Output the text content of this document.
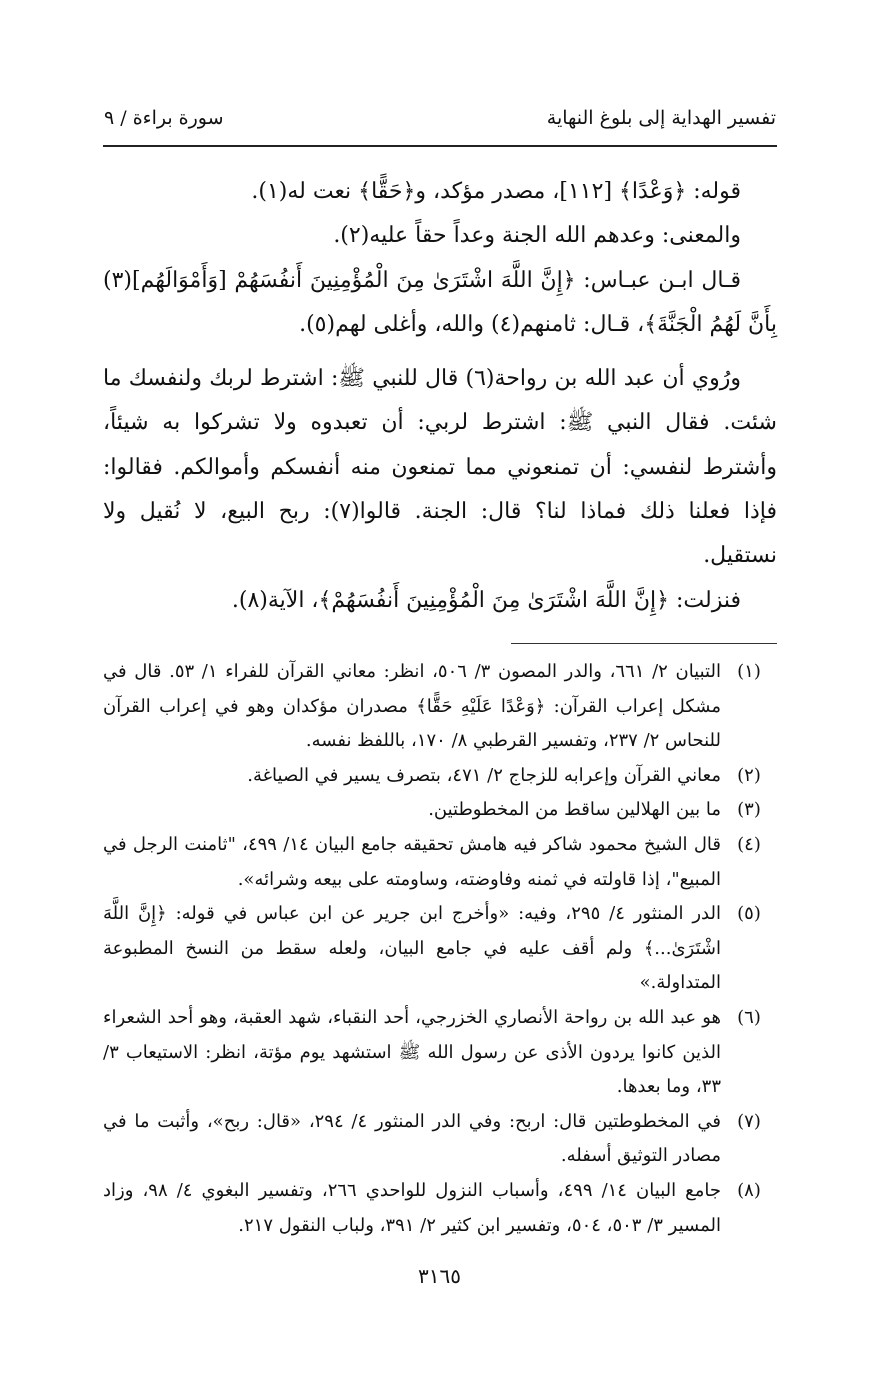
سورة براءة / ٩	تفسير الهداية إلى بلوغ النهاية

قوله: ﴿وَعْدًا﴾ [١١٢]، مصدر مؤكد، و﴿حَقًّا﴾ نعت له(١).

والمعنى: وعدهم الله الجنة وعداً حقاً عليه(٢).

قـال ابـن عبـاس: ﴿إِنَّ اللَّهَ اشْتَرَىٰ مِنَ الْمُؤْمِنِينَ أَنفُسَهُمْ [وَأَمْوَالَهُم](٣) بِأَنَّ لَهُمُ الْجَنَّةَ﴾، قـال: ثامنهم(٤) والله، وأغلى لهم(٥).

ورُوي أن عبد الله بن رواحة(٦) قال للنبي ﷺ: اشترط لربك ولنفسك ما شئت. فقال النبي ﷺ: اشترط لربي: أن تعبدوه ولا تشركوا به شيئاً، وأشترط لنفسي: أن تمنعوني مما تمنعون منه أنفسكم وأموالكم. فقالوا: فإذا فعلنا ذلك فماذا لنا؟ قال: الجنة. قالوا(٧): ربح البيع، لا نُقيل ولا نستقيل.

فنزلت: ﴿إِنَّ اللَّهَ اشْتَرَىٰ مِنَ الْمُؤْمِنِينَ أَنفُسَهُمْ﴾، الآية(٨).

(١)
التبيان ٢/ ٦٦١، والدر المصون ٣/ ٥٠٦، انظر: معاني القرآن للفراء ١/ ٥٣. قال في مشكل إعراب القرآن: ﴿وَعْدًا عَلَيْهِ حَقًّا﴾ مصدران مؤكدان وهو في إعراب القرآن للنحاس ٢/ ٢٣٧، وتفسير القرطبي ٨/ ١٧٠، باللفظ نفسه.
(٢)
معاني القرآن وإعرابه للزجاج ٢/ ٤٧١، بتصرف يسير في الصياغة.
(٣)
ما بين الهلالين ساقط من المخطوطتين.
(٤)
قال الشيخ محمود شاكر فيه هامش تحقيقه جامع البيان ١٤/ ٤٩٩، "ثامنت الرجل في المبيع"، إذا قاولته في ثمنه وفاوضته، وساومته على بيعه وشرائه».
(٥)
الدر المنثور ٤/ ٢٩٥، وفيه: «وأخرج ابن جرير عن ابن عباس في قوله: ﴿إِنَّ اللَّهَ اشْتَرَىٰ...﴾ ولم أقف عليه في جامع البيان، ولعله سقط من النسخ المطبوعة المتداولة.»
(٦)
هو عبد الله بن رواحة الأنصاري الخزرجي، أحد النقباء، شهد العقبة، وهو أحد الشعراء الذين كانوا يردون الأذى عن رسول الله ﷺ استشهد يوم مؤتة، انظر: الاستيعاب ٣/ ٣٣، وما بعدها.
(٧)
في المخطوطتين قال: اربح: وفي الدر المنثور ٤/ ٢٩٤، «قال: ربح»، وأثبت ما في مصادر التوثيق أسفله.
(٨)
جامع البيان ١٤/ ٤٩٩، وأسباب النزول للواحدي ٢٦٦، وتفسير البغوي ٤/ ٩٨، وزاد المسير ٣/ ٥٠٣، ٥٠٤، وتفسير ابن كثير ٢/ ٣٩١، ولباب النقول ٢١٧.
٣١٦٥
